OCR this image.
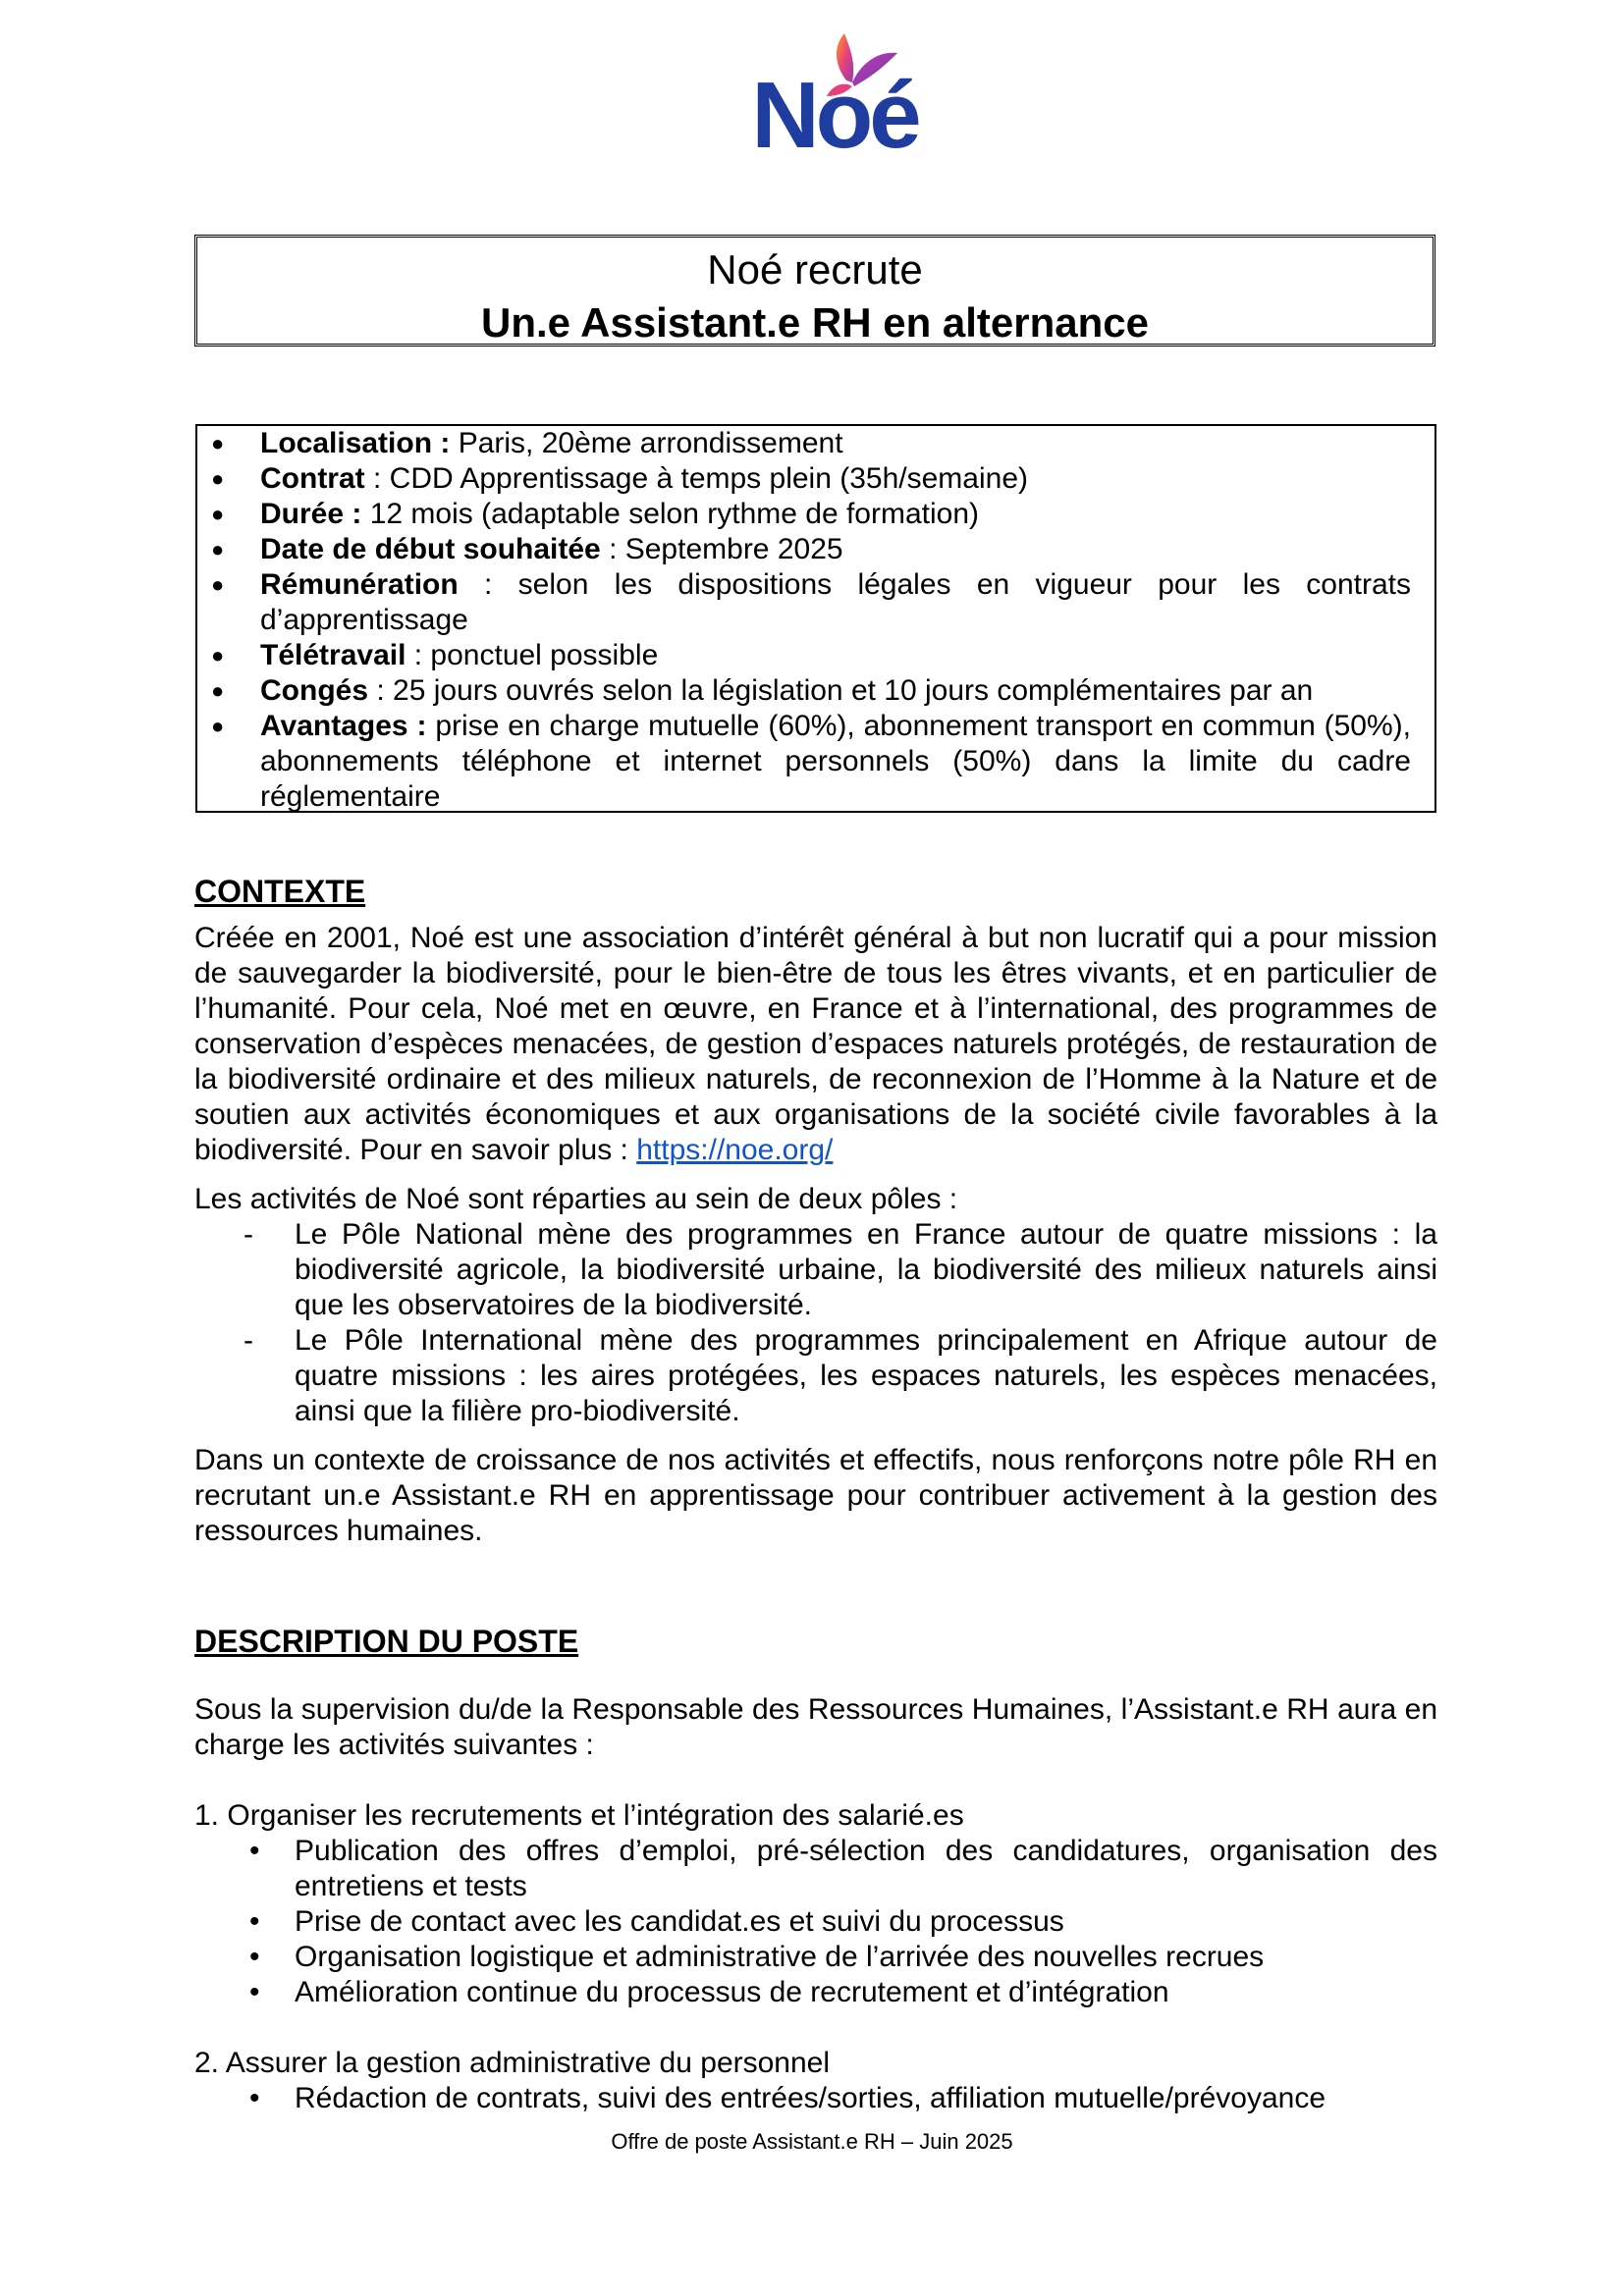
Noé
Noé recrute
Un.e Assistant.e RH en alternance
● Localisation : Paris, 20ème arrondissement
● Contrat : CDD Apprentissage à temps plein (35h/semaine)
● Durée : 12 mois (adaptable selon rythme de formation)
● Date de début souhaitée : Septembre 2025
● Rémunération : selon les dispositions légales en vigueur pour les contrats d’apprentissage
● Télétravail : ponctuel possible
● Congés : 25 jours ouvrés selon la législation et 10 jours complémentaires par an
● Avantages : prise en charge mutuelle (60%), abonnement transport en commun (50%), abonnements téléphone et internet personnels (50%) dans la limite du cadre réglementaire
CONTEXTE
Créée en 2001, Noé est une association d’intérêt général à but non lucratif qui a pour mission de sauvegarder la biodiversité, pour le bien-être de tous les êtres vivants, et en particulier de l’humanité. Pour cela, Noé met en œuvre, en France et à l’international, des programmes de conservation d’espèces menacées, de gestion d’espaces naturels protégés, de restauration de la biodiversité ordinaire et des milieux naturels, de reconnexion de l’Homme à la Nature et de soutien aux activités économiques et aux organisations de la société civile favorables à la biodiversité. Pour en savoir plus : https://noe.org/
Les activités de Noé sont réparties au sein de deux pôles :
- Le Pôle National mène des programmes en France autour de quatre missions : la biodiversité agricole, la biodiversité urbaine, la biodiversité des milieux naturels ainsi que les observatoires de la biodiversité.
- Le Pôle International mène des programmes principalement en Afrique autour de quatre missions : les aires protégées, les espaces naturels, les espèces menacées, ainsi que la filière pro-biodiversité.
Dans un contexte de croissance de nos activités et effectifs, nous renforçons notre pôle RH en recrutant un.e Assistant.e RH en apprentissage pour contribuer activement à la gestion des ressources humaines.
DESCRIPTION DU POSTE
Sous la supervision du/de la Responsable des Ressources Humaines, l’Assistant.e RH aura en charge les activités suivantes :
1. Organiser les recrutements et l’intégration des salarié.es
• Publication des offres d’emploi, pré-sélection des candidatures, organisation des entretiens et tests
• Prise de contact avec les candidat.es et suivi du processus
• Organisation logistique et administrative de l’arrivée des nouvelles recrues
• Amélioration continue du processus de recrutement et d’intégration
2. Assurer la gestion administrative du personnel
• Rédaction de contrats, suivi des entrées/sorties, affiliation mutuelle/prévoyance
Offre de poste Assistant.e RH – Juin 2025
